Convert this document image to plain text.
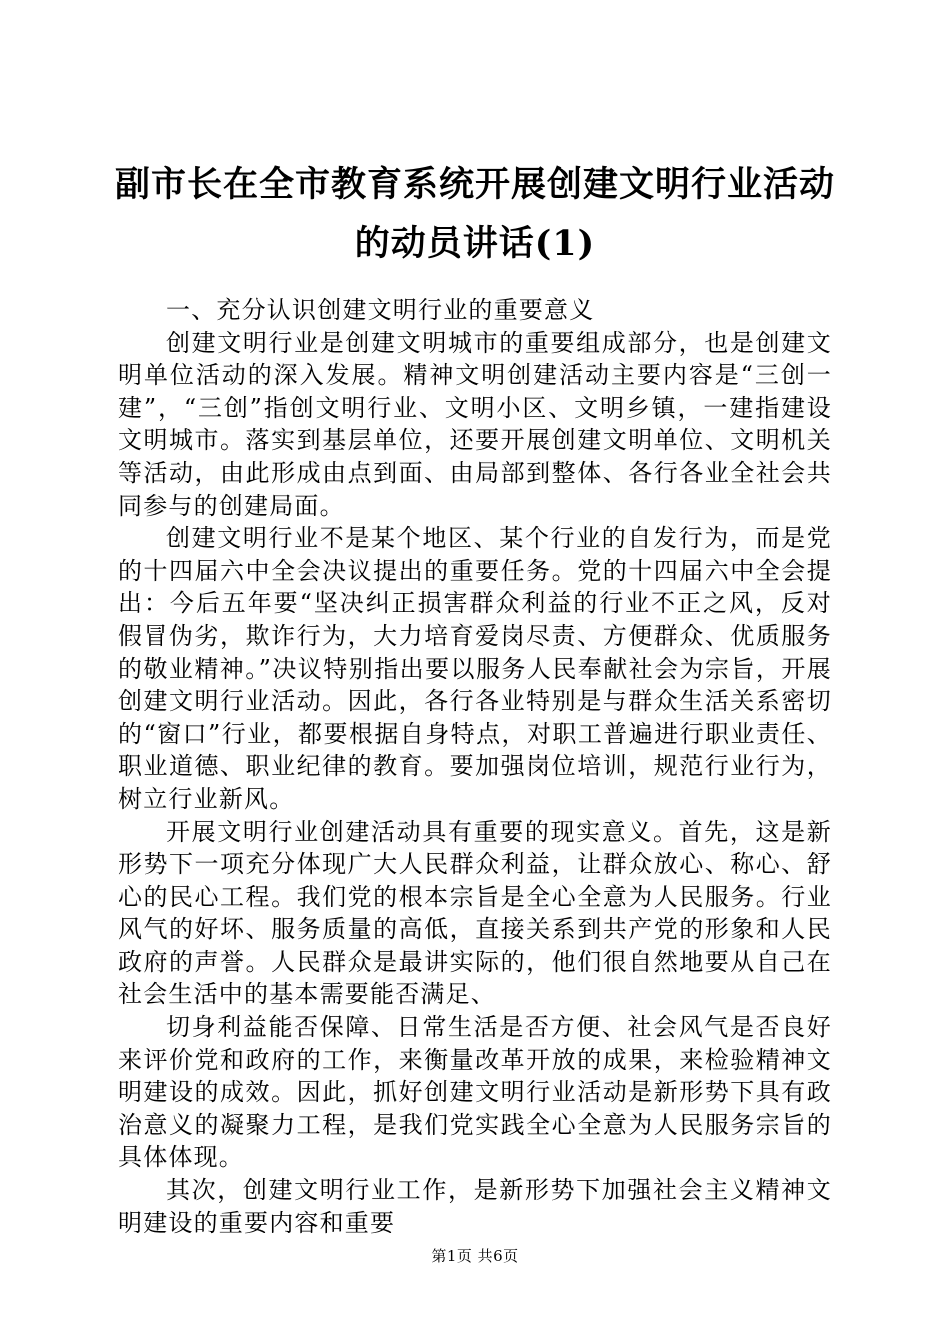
副市长在全市教育系统开展创建文明行业活动
的动员讲话(1)

一、充分认识创建文明行业的重要意义

创建文明行业是创建文明城市的重要组成部分，也是创建文明单位活动的深入发展。精神文明创建活动主要内容是“三创一建”，“三创”指创文明行业、文明小区、文明乡镇，一建指建设文明城市。落实到基层单位，还要开展创建文明单位、文明机关等活动，由此形成由点到面、由局部到整体、各行各业全社会共同参与的创建局面。

创建文明行业不是某个地区、某个行业的自发行为，而是党的十四届六中全会决议提出的重要任务。党的十四届六中全会提出：今后五年要“坚决纠正损害群众利益的行业不正之风，反对假冒伪劣，欺诈行为，大力培育爱岗尽责、方便群众、优质服务的敬业精神。”决议特别指出要以服务人民奉献社会为宗旨，开展创建文明行业活动。因此，各行各业特别是与群众生活关系密切的“窗口”行业，都要根据自身特点，对职工普遍进行职业责任、职业道德、职业纪律的教育。要加强岗位培训，规范行业行为，树立行业新风。

开展文明行业创建活动具有重要的现实意义。首先，这是新形势下一项充分体现广大人民群众利益，让群众放心、称心、舒心的民心工程。我们党的根本宗旨是全心全意为人民服务。行业风气的好坏、服务质量的高低，直接关系到共产党的形象和人民政府的声誉。人民群众是最讲实际的，他们很自然地要从自己在社会生活中的基本需要能否满足、

切身利益能否保障、日常生活是否方便、社会风气是否良好来评价党和政府的工作，来衡量改革开放的成果，来检验精神文明建设的成效。因此，抓好创建文明行业活动是新形势下具有政治意义的凝聚力工程，是我们党实践全心全意为人民服务宗旨的具体体现。

其次，创建文明行业工作，是新形势下加强社会主义精神文明建设的重要内容和重要

第1页 共6页
